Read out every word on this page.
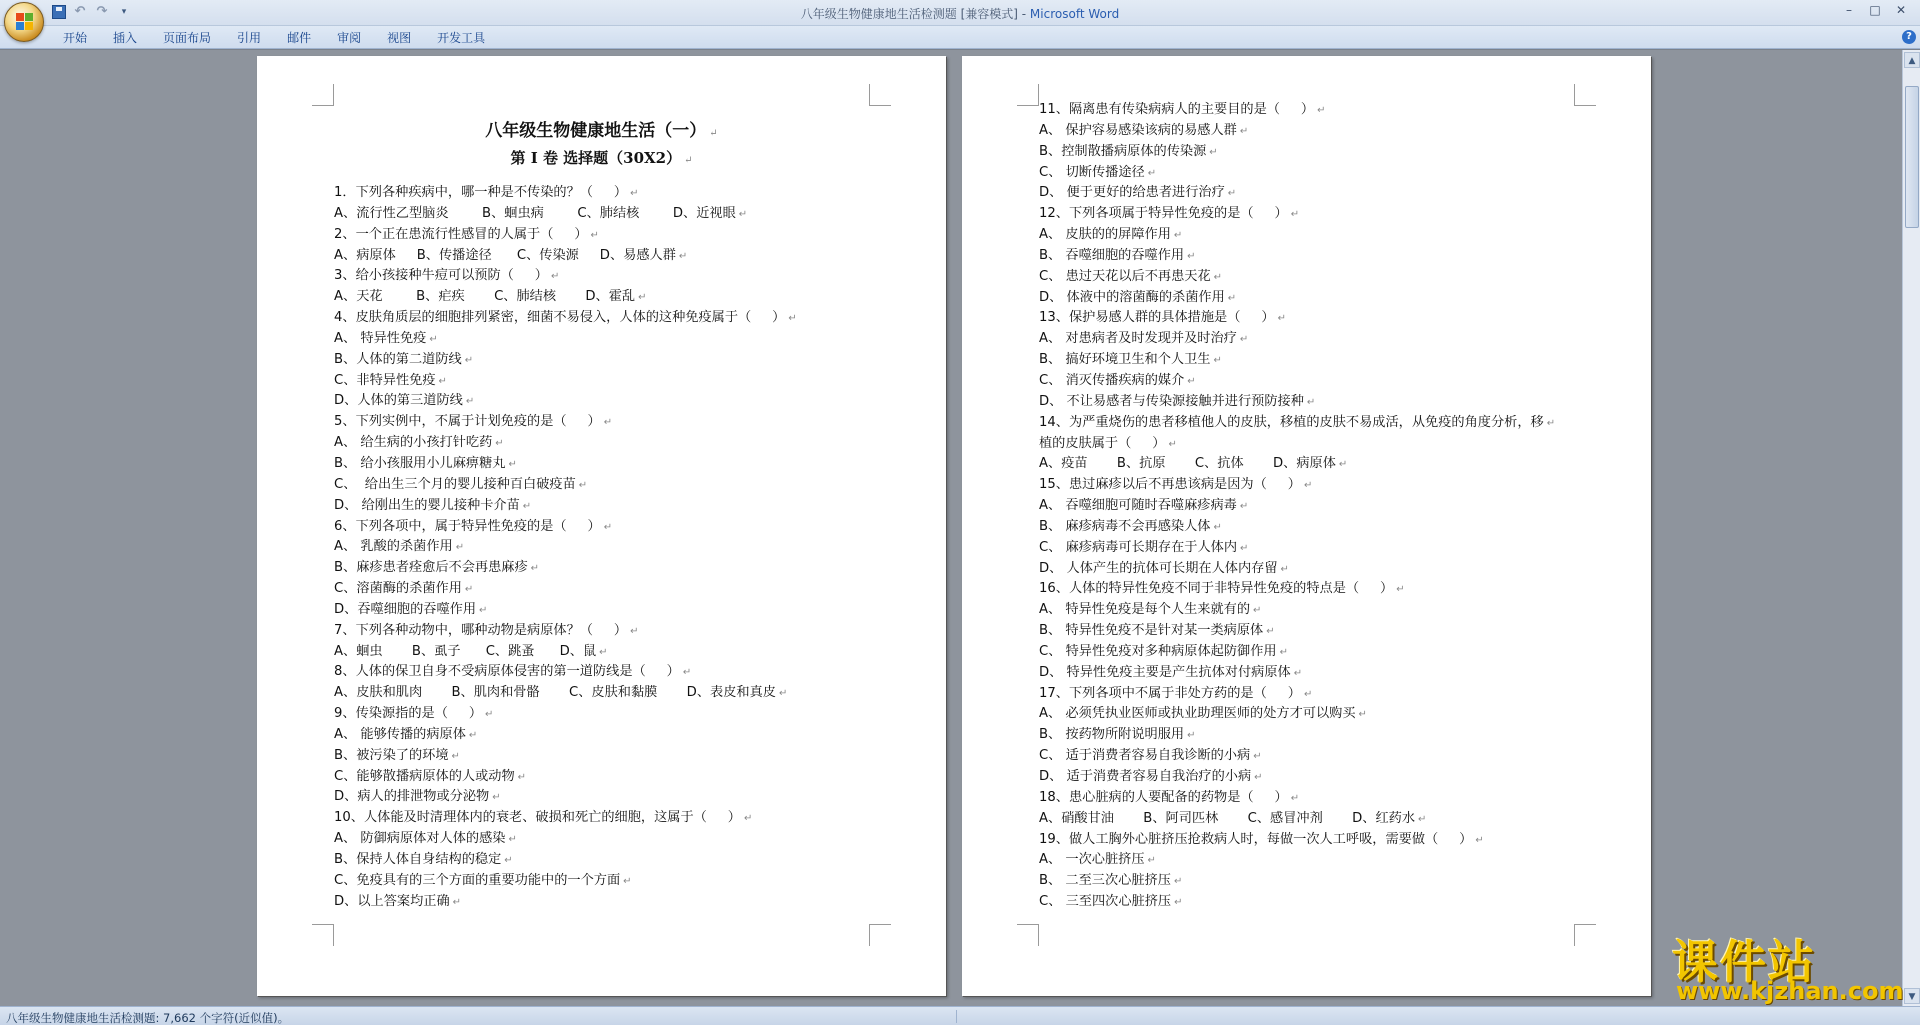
↶ ↷	▾	八年级生物健康地生活检测题 [兼容模式] - Microsoft Word	–	□	✕
开始	插入	页面布局	引用	邮件	审阅	视图	开发工具	?
八年级生物健康地生活（一） ↵
第 I 卷 选择题（30X2） ↵
1．下列各种疾病中，哪一种是不传染的？（     ） ↵
A、流行性乙型脑炎        B、蛔虫病        C、肺结核        D、近视眼 ↵
2、一个正在患流行性感冒的人属于（     ） ↵
A、病原体     B、传播途径      C、传染源     D、易感人群 ↵
3、给小孩接种牛痘可以预防（     ） ↵
A、天花        B、疟疾       C、肺结核       D、霍乱 ↵
4、皮肤角质层的细胞排列紧密，细菌不易侵入，人体的这种免疫属于（     ） ↵
A、 特异性免疫 ↵
B、人体的第二道防线 ↵
C、非特异性免疫 ↵
D、人体的第三道防线 ↵
5、下列实例中，不属于计划免疫的是（     ） ↵
A、 给生病的小孩打针吃药 ↵
B、 给小孩服用小儿麻痹糖丸 ↵
C、  给出生三个月的婴儿接种百白破疫苗 ↵
D、 给刚出生的婴儿接种卡介苗 ↵
6、下列各项中，属于特异性免疫的是（     ） ↵
A、 乳酸的杀菌作用 ↵
B、麻疹患者痊愈后不会再患麻疹 ↵
C、溶菌酶的杀菌作用 ↵
D、吞噬细胞的吞噬作用 ↵
7、下列各种动物中，哪种动物是病原体？（     ） ↵
A、蛔虫       B、虱子      C、跳蚤      D、鼠 ↵
8、人体的保卫自身不受病原体侵害的第一道防线是（     ） ↵
A、皮肤和肌肉       B、肌肉和骨骼       C、皮肤和黏膜       D、表皮和真皮 ↵
9、传染源指的是（     ） ↵
A、 能够传播的病原体 ↵
B、被污染了的环境 ↵
C、能够散播病原体的人或动物 ↵
D、病人的排泄物或分泌物 ↵
10、人体能及时清理体内的衰老、破损和死亡的细胞，这属于（     ） ↵
A、 防御病原体对人体的感染 ↵
B、保持人体自身结构的稳定 ↵
C、免疫具有的三个方面的重要功能中的一个方面 ↵
D、以上答案均正确 ↵
11、隔离患有传染病病人的主要目的是（     ） ↵
A、 保护容易感染该病的易感人群 ↵
B、控制散播病原体的传染源 ↵
C、 切断传播途径 ↵
D、 便于更好的给患者进行治疗 ↵
12、下列各项属于特异性免疫的是（     ） ↵
A、 皮肤的的屏障作用 ↵
B、 吞噬细胞的吞噬作用 ↵
C、 患过天花以后不再患天花 ↵
D、 体液中的溶菌酶的杀菌作用 ↵
13、保护易感人群的具体措施是（     ） ↵
A、 对患病者及时发现并及时治疗 ↵
B、 搞好环境卫生和个人卫生 ↵
C、 消灭传播疾病的媒介 ↵
D、 不让易感者与传染源接触并进行预防接种 ↵
14、为严重烧伤的患者移植他人的皮肤，移植的皮肤不易成活，从免疫的角度分析，移 ↵
植的皮肤属于（     ） ↵
A、疫苗       B、抗原       C、抗体       D、病原体 ↵
15、患过麻疹以后不再患该病是因为（     ） ↵
A、 吞噬细胞可随时吞噬麻疹病毒 ↵
B、 麻疹病毒不会再感染人体 ↵
C、 麻疹病毒可长期存在于人体内 ↵
D、 人体产生的抗体可长期在人体内存留 ↵
16、人体的特异性免疫不同于非特异性免疫的特点是（     ） ↵
A、 特异性免疫是每个人生来就有的 ↵
B、 特异性免疫不是针对某一类病原体 ↵
C、 特异性免疫对多种病原体起防御作用 ↵
D、 特异性免疫主要是产生抗体对付病原体 ↵
17、下列各项中不属于非处方药的是（     ） ↵
A、 必须凭执业医师或执业助理医师的处方才可以购买 ↵
B、 按药物所附说明服用 ↵
C、 适于消费者容易自我诊断的小病 ↵
D、 适于消费者容易自我治疗的小病 ↵
18、患心脏病的人要配备的药物是（     ） ↵
A、硝酸甘油       B、阿司匹林       C、感冒冲剂       D、红药水 ↵
19、做人工胸外心脏挤压抢救病人时，每做一次人工呼吸，需要做（     ） ↵
A、 一次心脏挤压 ↵
B、 二至三次心脏挤压 ↵
C、 三至四次心脏挤压 ↵
▲
▼
八年级生物健康地生活检测题: 7,662 个字符(近似值)。
课件站
www.kjzhan.com
